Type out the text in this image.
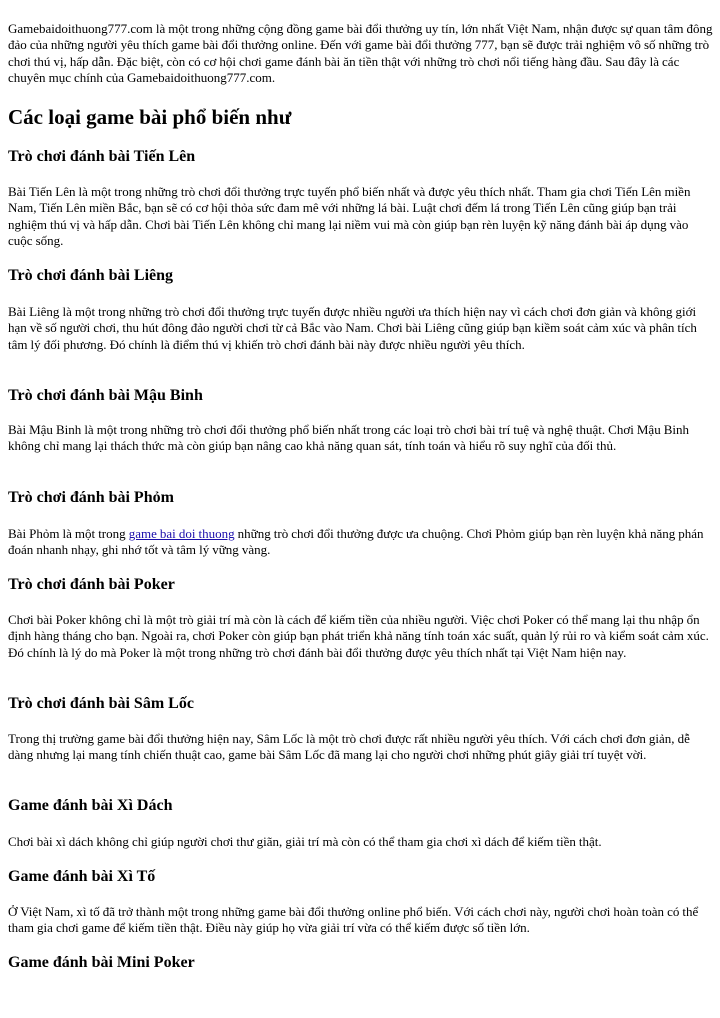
Gamebaidoithuong777.com là một trong những cộng đồng game bài đổi thưởng uy tín, lớn nhất Việt Nam, nhận được sự quan tâm đông đảo của những người yêu thích game bài đổi thưởng online. Đến với game bài đổi thưởng 777, bạn sẽ được trải nghiệm vô số những trò chơi thú vị, hấp dẫn. Đặc biệt, còn có cơ hội chơi game đánh bài ăn tiền thật với những trò chơi nổi tiếng hàng đầu. Sau đây là các chuyên mục chính của Gamebaidoithuong777.com.

Các loại game bài phổ biến như
Trò chơi đánh bài Tiến Lên

Bài Tiến Lên là một trong những trò chơi đổi thưởng trực tuyến phổ biến nhất và được yêu thích nhất. Tham gia chơi Tiến Lên miền Nam, Tiến Lên miền Bắc, bạn sẽ có cơ hội thỏa sức đam mê với những lá bài. Luật chơi đếm lá trong Tiến Lên cũng giúp bạn trải nghiệm thú vị và hấp dẫn. Chơi bài Tiến Lên không chỉ mang lại niềm vui mà còn giúp bạn rèn luyện kỹ năng đánh bài áp dụng vào cuộc sống.

Trò chơi đánh bài Liêng

Bài Liêng là một trong những trò chơi đổi thưởng trực tuyến được nhiều người ưa thích hiện nay vì cách chơi đơn giản và không giới hạn về số người chơi, thu hút đông đảo người chơi từ cả Bắc vào Nam. Chơi bài Liêng cũng giúp bạn kiềm soát cảm xúc và phân tích tâm lý đối phương. Đó chính là điểm thú vị khiến trò chơi đánh bài này được nhiều người yêu thích.

Trò chơi đánh bài Mậu Binh

Bài Mậu Binh là một trong những trò chơi đổi thưởng phổ biến nhất trong các loại trò chơi bài trí tuệ và nghệ thuật. Chơi Mậu Binh không chỉ mang lại thách thức mà còn giúp bạn nâng cao khả năng quan sát, tính toán và hiểu rõ suy nghĩ của đối thủ.

Trò chơi đánh bài Phỏm

Bài Phỏm là một trong game bai doi thuong những trò chơi đổi thưởng được ưa chuộng. Chơi Phỏm giúp bạn rèn luyện khả năng phán đoán nhanh nhạy, ghi nhớ tốt và tâm lý vững vàng.

Trò chơi đánh bài Poker

Chơi bài Poker không chỉ là một trò giải trí mà còn là cách để kiếm tiền của nhiều người. Việc chơi Poker có thể mang lại thu nhập ổn định hàng tháng cho bạn. Ngoài ra, chơi Poker còn giúp bạn phát triển khả năng tính toán xác suất, quản lý rủi ro và kiểm soát cảm xúc. Đó chính là lý do mà Poker là một trong những trò chơi đánh bài đổi thưởng được yêu thích nhất tại Việt Nam hiện nay.

Trò chơi đánh bài Sâm Lốc

Trong thị trường game bài đổi thưởng hiện nay, Sâm Lốc là một trò chơi được rất nhiều người yêu thích. Với cách chơi đơn giản, dễ dàng nhưng lại mang tính chiến thuật cao, game bài Sâm Lốc đã mang lại cho người chơi những phút giây giải trí tuyệt vời.

Game đánh bài Xì Dách

Chơi bài xì dách không chỉ giúp người chơi thư giãn, giải trí mà còn có thể tham gia chơi xì dách để kiếm tiền thật.

Game đánh bài Xì Tố

Ở Việt Nam, xì tố đã trở thành một trong những game bài đổi thưởng online phổ biến. Với cách chơi này, người chơi hoàn toàn có thể tham gia chơi game để kiếm tiền thật. Điều này giúp họ vừa giải trí vừa có thể kiếm được số tiền lớn.

Game đánh bài Mini Poker
